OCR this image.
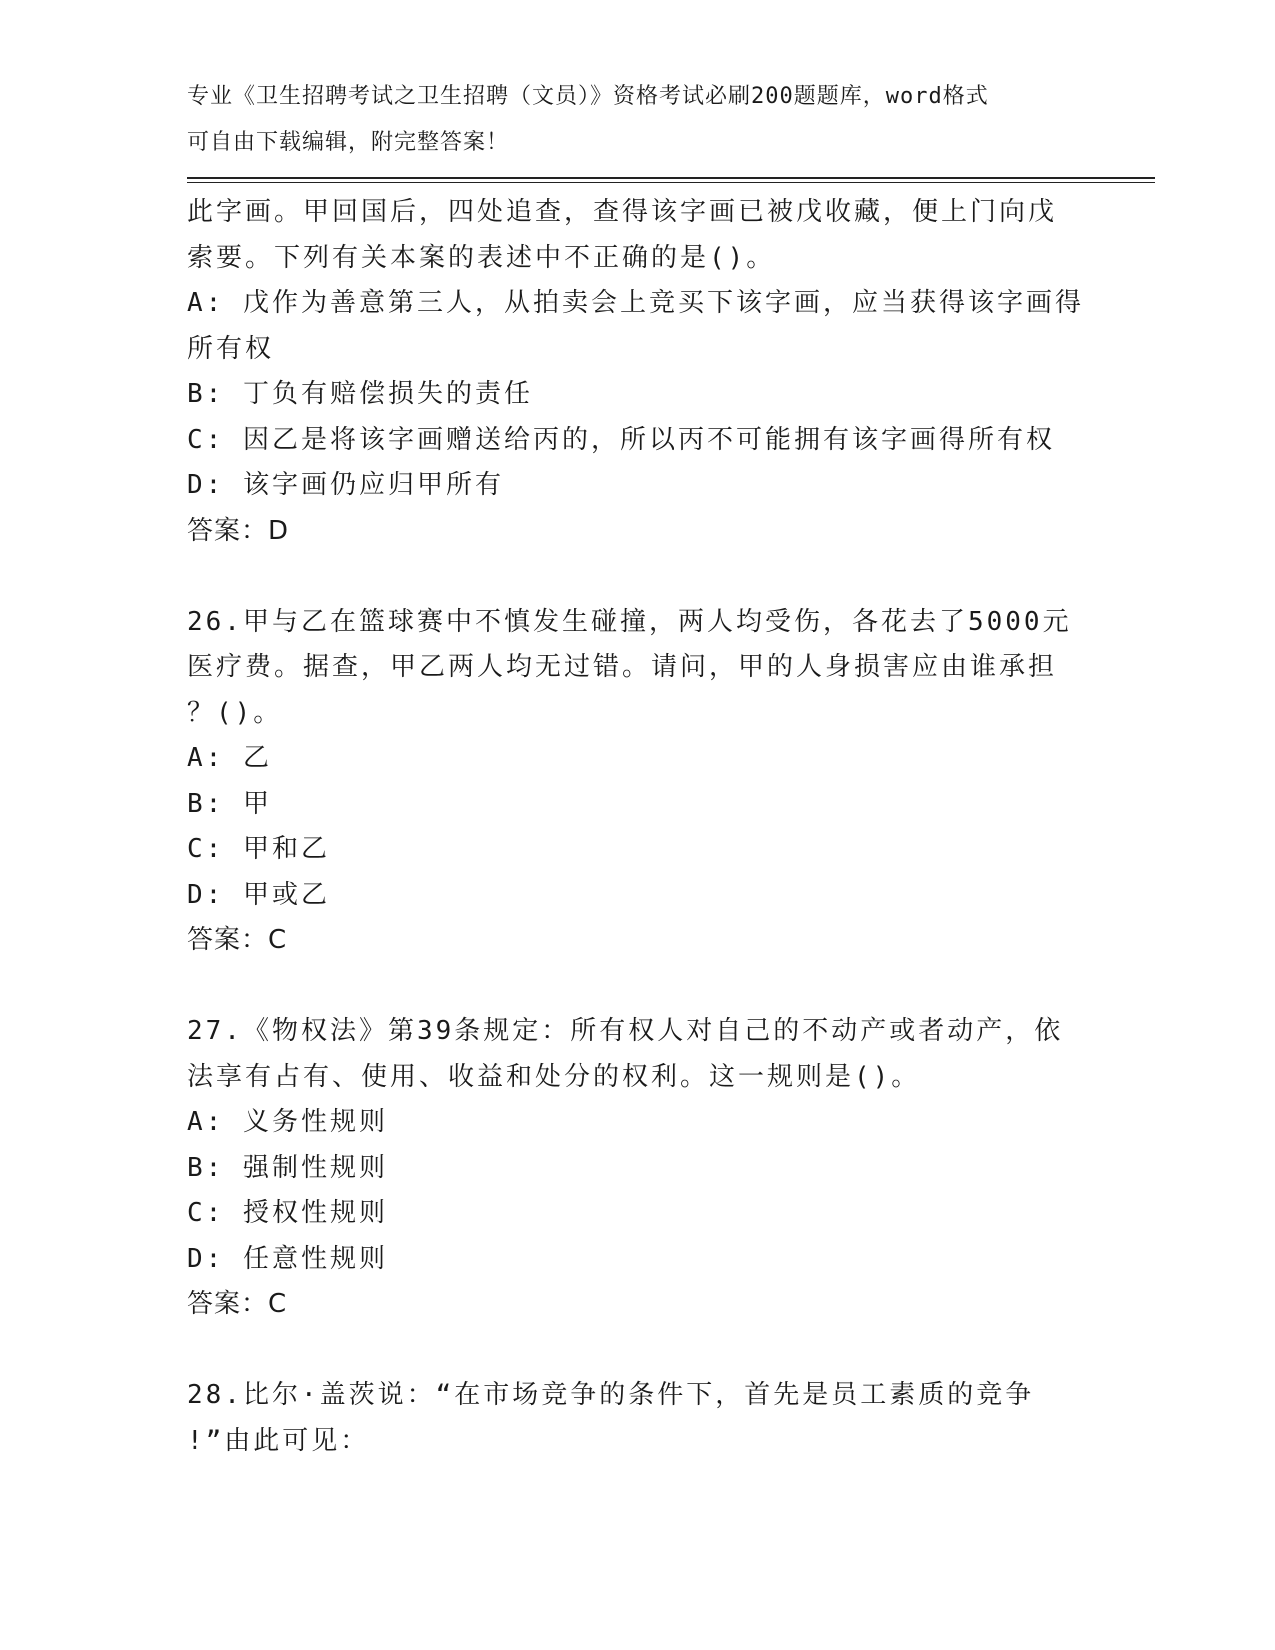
专业《卫生招聘考试之卫生招聘（文员）》资格考试必刷200题题库，word格式
可自由下载编辑，附完整答案！
此字画。甲回国后，四处追查，查得该字画已被戊收藏，便上门向戊
索要。下列有关本案的表述中不正确的是()。
A: 戊作为善意第三人，从拍卖会上竞买下该字画，应当获得该字画得
所有权
B: 丁负有赔偿损失的责任
C: 因乙是将该字画赠送给丙的，所以丙不可能拥有该字画得所有权
D: 该字画仍应归甲所有
答案：D
26.甲与乙在篮球赛中不慎发生碰撞，两人均受伤，各花去了5000元
医疗费。据查，甲乙两人均无过错。请问，甲的人身损害应由谁承担
？()。
A: 乙
B: 甲
C: 甲和乙
D: 甲或乙
答案：C
27.《物权法》第39条规定：所有权人对自己的不动产或者动产，依
法享有占有、使用、收益和处分的权利。这一规则是()。
A: 义务性规则
B: 强制性规则
C: 授权性规则
D: 任意性规则
答案：C
28.比尔·盖茨说：“在市场竞争的条件下，首先是员工素质的竞争
!”由此可见：
